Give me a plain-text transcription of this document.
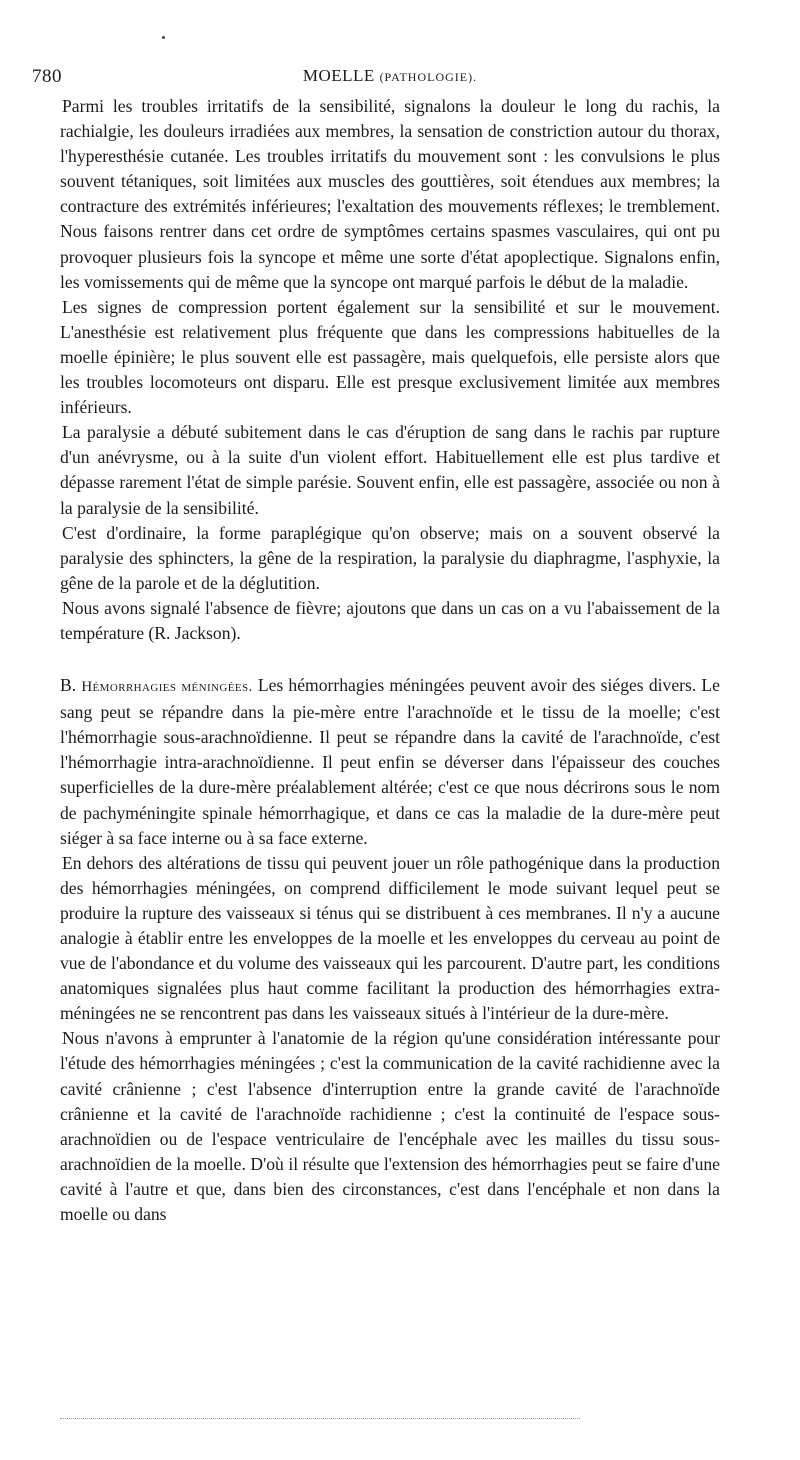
780	MOELLE (PATHOLOGIE).

Parmi les troubles irritatifs de la sensibilité, signalons la douleur le long du rachis, la rachialgie, les douleurs irradiées aux membres, la sensation de constriction autour du thorax, l'hyperesthésie cutanée. Les troubles irritatifs du mouvement sont : les convulsions le plus souvent tétaniques, soit limitées aux muscles des gouttières, soit étendues aux membres; la contracture des extrémités inférieures; l'exaltation des mouvements réflexes; le tremblement. Nous faisons rentrer dans cet ordre de symptômes certains spasmes vasculaires, qui ont pu provoquer plusieurs fois la syncope et même une sorte d'état apoplectique. Signalons enfin, les vomissements qui de même que la syncope ont marqué parfois le début de la maladie.

Les signes de compression portent également sur la sensibilité et sur le mouvement. L'anesthésie est relativement plus fréquente que dans les compressions habituelles de la moelle épinière; le plus souvent elle est passagère, mais quelquefois, elle persiste alors que les troubles locomoteurs ont disparu. Elle est presque exclusivement limitée aux membres inférieurs.

La paralysie a débuté subitement dans le cas d'éruption de sang dans le rachis par rupture d'un anévrysme, ou à la suite d'un violent effort. Habituellement elle est plus tardive et dépasse rarement l'état de simple parésie. Souvent enfin, elle est passagère, associée ou non à la paralysie de la sensibilité.

C'est d'ordinaire, la forme paraplégique qu'on observe; mais on a souvent observé la paralysie des sphincters, la gêne de la respiration, la paralysie du diaphragme, l'asphyxie, la gêne de la parole et de la déglutition.

Nous avons signalé l'absence de fièvre; ajoutons que dans un cas on a vu l'abaissement de la température (R. Jackson).

B. Hémorrhagies méningées. Les hémorrhagies méningées peuvent avoir des siéges divers. Le sang peut se répandre dans la pie-mère entre l'arachnoïde et le tissu de la moelle; c'est l'hémorrhagie sous-arachnoïdienne. Il peut se répandre dans la cavité de l'arachnoïde, c'est l'hémorrhagie intra-arachnoïdienne. Il peut enfin se déverser dans l'épaisseur des couches superficielles de la dure-mère préalablement altérée; c'est ce que nous décrirons sous le nom de pachyméningite spinale hémorrhagique, et dans ce cas la maladie de la dure-mère peut siéger à sa face interne ou à sa face externe.

En dehors des altérations de tissu qui peuvent jouer un rôle pathogénique dans la production des hémorrhagies méningées, on comprend difficilement le mode suivant lequel peut se produire la rupture des vaisseaux si ténus qui se distribuent à ces membranes. Il n'y a aucune analogie à établir entre les enveloppes de la moelle et les enveloppes du cerveau au point de vue de l'abondance et du volume des vaisseaux qui les parcourent. D'autre part, les conditions anatomiques signalées plus haut comme facilitant la production des hémorrhagies extra-méningées ne se rencontrent pas dans les vaisseaux situés à l'intérieur de la dure-mère.

Nous n'avons à emprunter à l'anatomie de la région qu'une considération intéressante pour l'étude des hémorrhagies méningées ; c'est la communication de la cavité rachidienne avec la cavité crânienne ; c'est l'absence d'interruption entre la grande cavité de l'arachnoïde crânienne et la cavité de l'arachnoïde rachidienne ; c'est la continuité de l'espace sous-arachnoïdien ou de l'espace ventriculaire de l'encéphale avec les mailles du tissu sous-arachnoïdien de la moelle. D'où il résulte que l'extension des hémorrhagies peut se faire d'une cavité à l'autre et que, dans bien des circonstances, c'est dans l'encéphale et non dans la moelle ou dans
